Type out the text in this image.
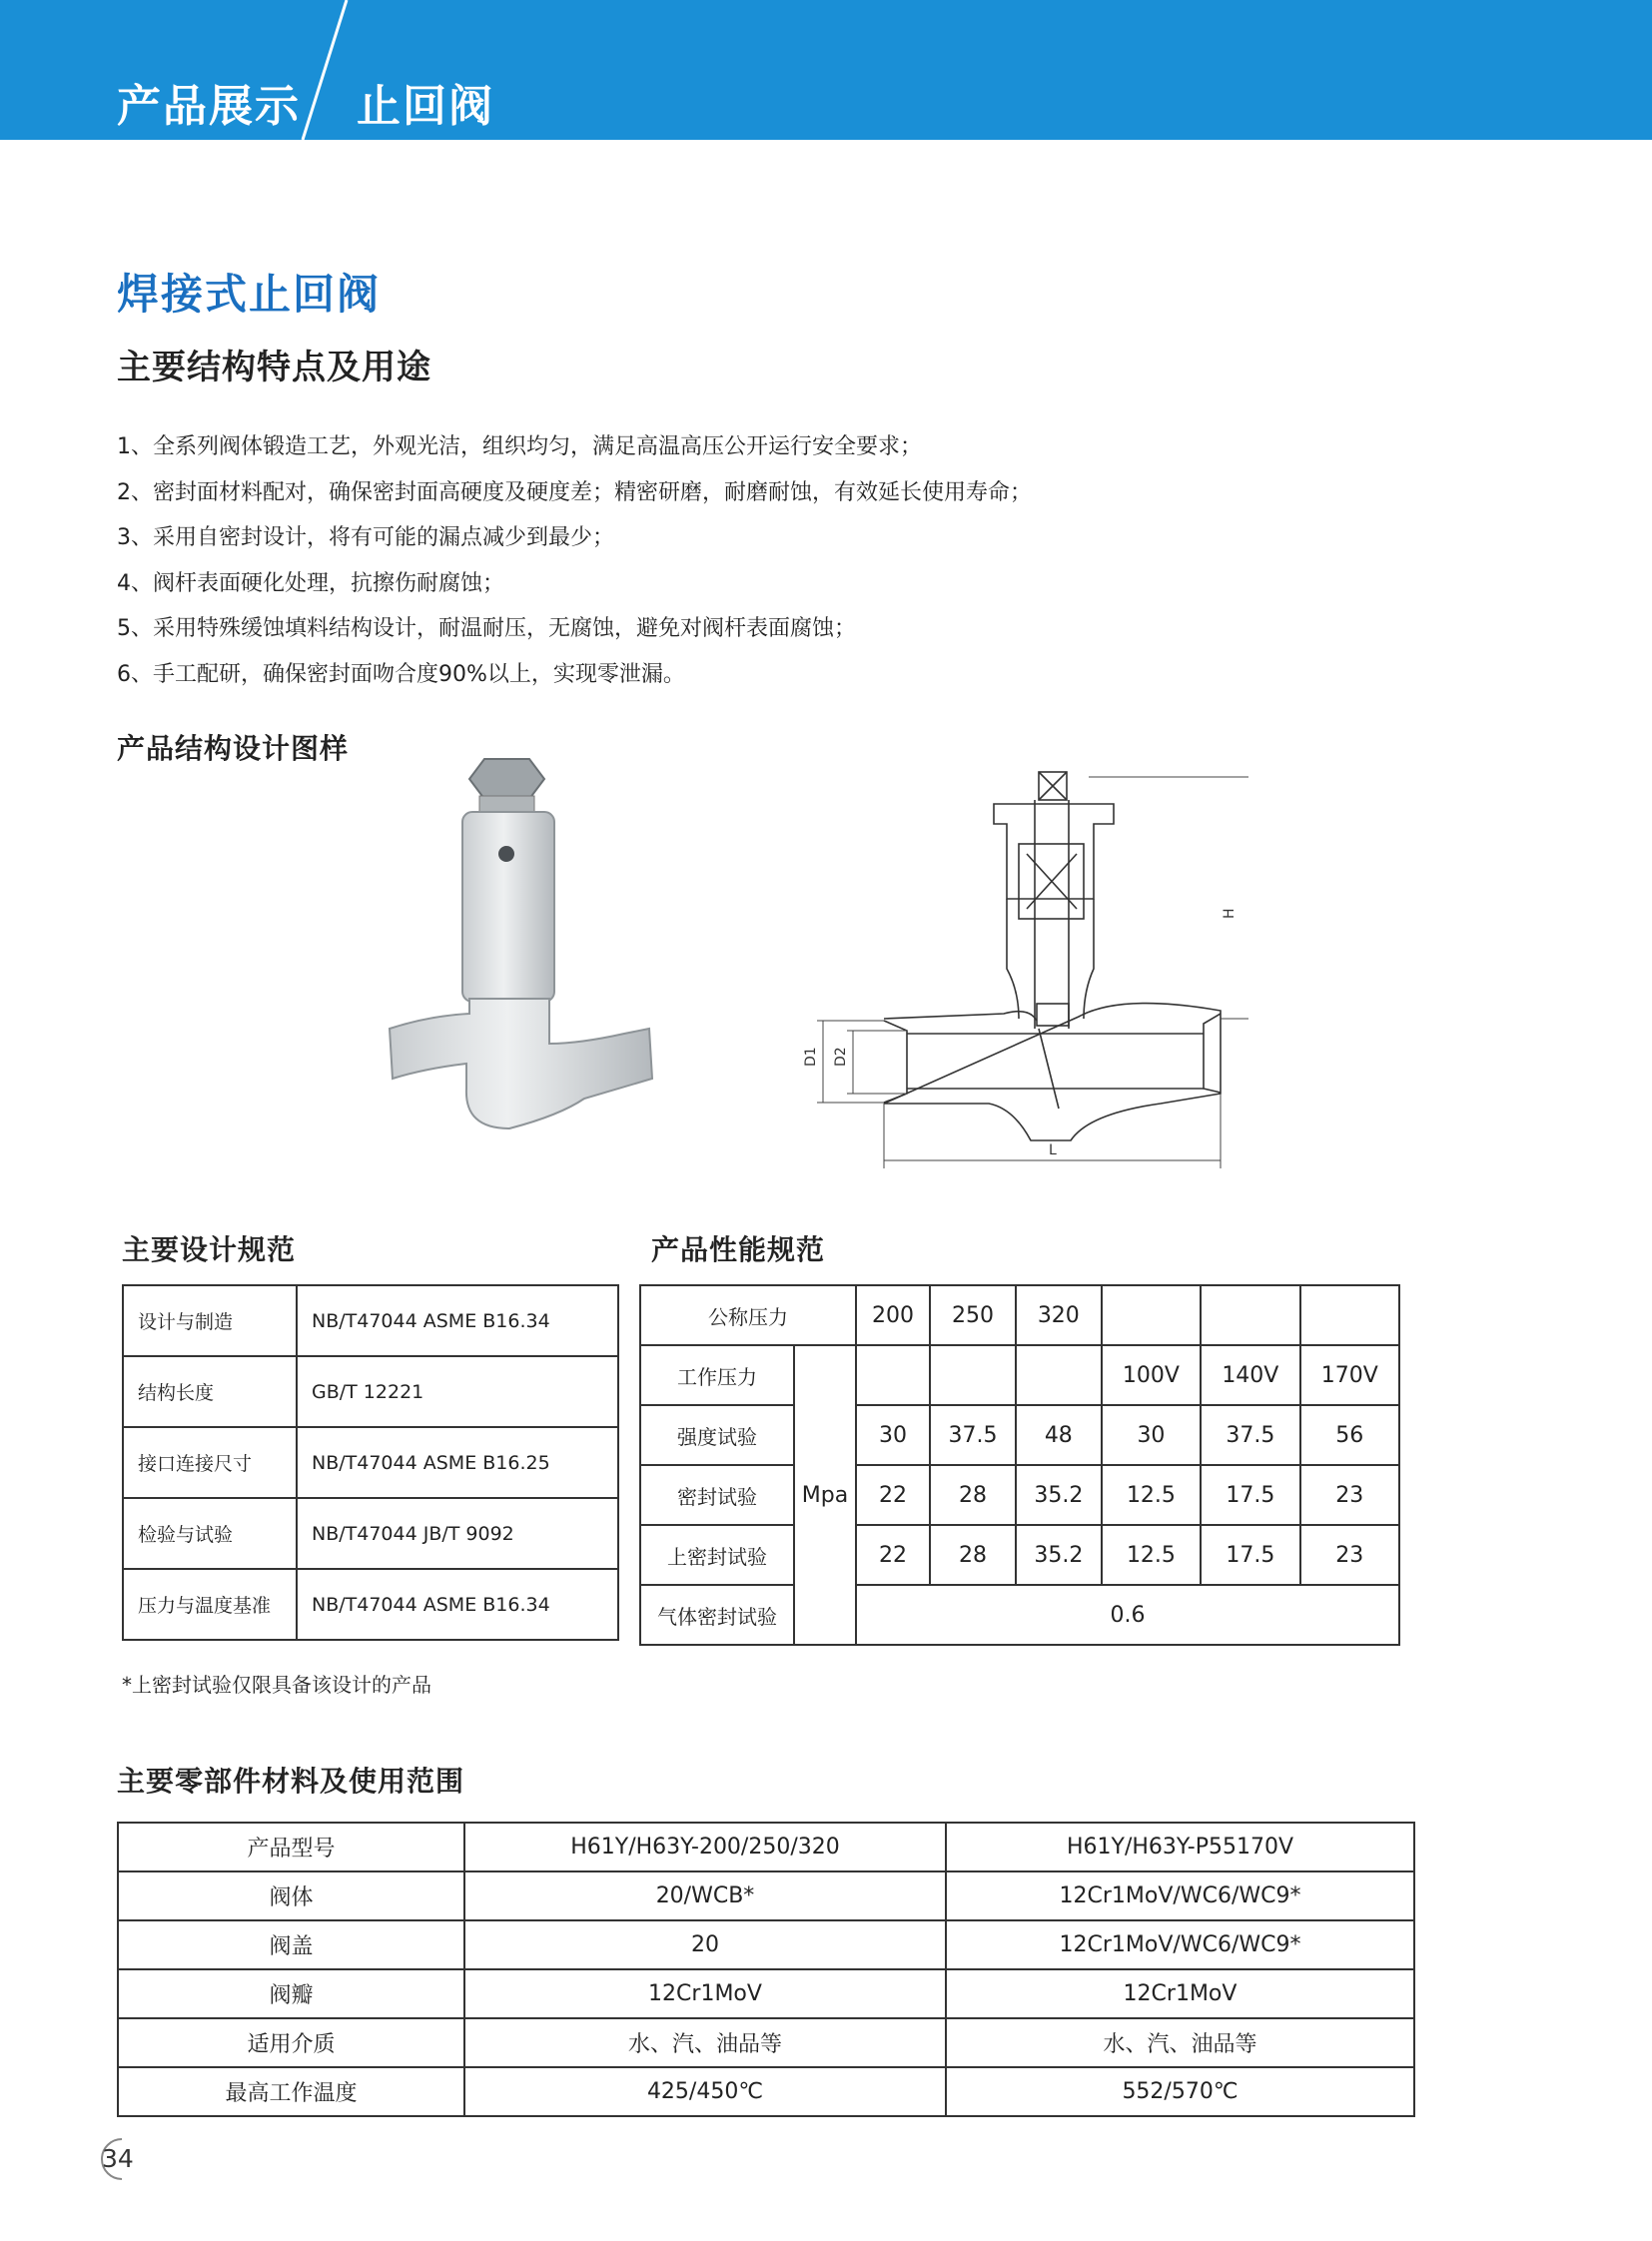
产品展示 止回阀
焊接式止回阀
主要结构特点及用途
1、全系列阀体锻造工艺，外观光洁，组织均匀，满足高温高压公开运行安全要求；
2、密封面材料配对，确保密封面高硬度及硬度差；精密研磨，耐磨耐蚀，有效延长使用寿命；
3、采用自密封设计，将有可能的漏点减少到最少；
4、阀杆表面硬化处理，抗擦伤耐腐蚀；
5、采用特殊缓蚀填料结构设计，耐温耐压，无腐蚀，避免对阀杆表面腐蚀；
6、手工配研，确保密封面吻合度90%以上，实现零泄漏。
产品结构设计图样
H
L
D1 D2
主要设计规范	产品性能规范
设计与制造	NB/T47044 ASME B16.34
结构长度	GB/T 12221
接口连接尺寸	NB/T47044 ASME B16.25
检验与试验	NB/T47044 JB/T 9092
压力与温度基准	NB/T47044 ASME B16.34
公称压力		200	250	320			
工作压力	Mpa				100V	140V	170V
强度试验		30	37.5	48	30	37.5	56
密封试验		22	28	35.2	12.5	17.5	23
上密封试验		22	28	35.2	12.5	17.5	23
气体密封试验		0.6					
*上密封试验仅限具备该设计的产品
主要零部件材料及使用范围
产品型号	H61Y/H63Y-200/250/320	H61Y/H63Y-P55170V
阀体	20/WCB*	12Cr1MoV/WC6/WC9*
阀盖	20	12Cr1MoV/WC6/WC9*
阀瓣	12Cr1MoV	12Cr1MoV
适用介质	水、汽、油品等	水、汽、油品等
最高工作温度	425/450℃	552/570℃
34
